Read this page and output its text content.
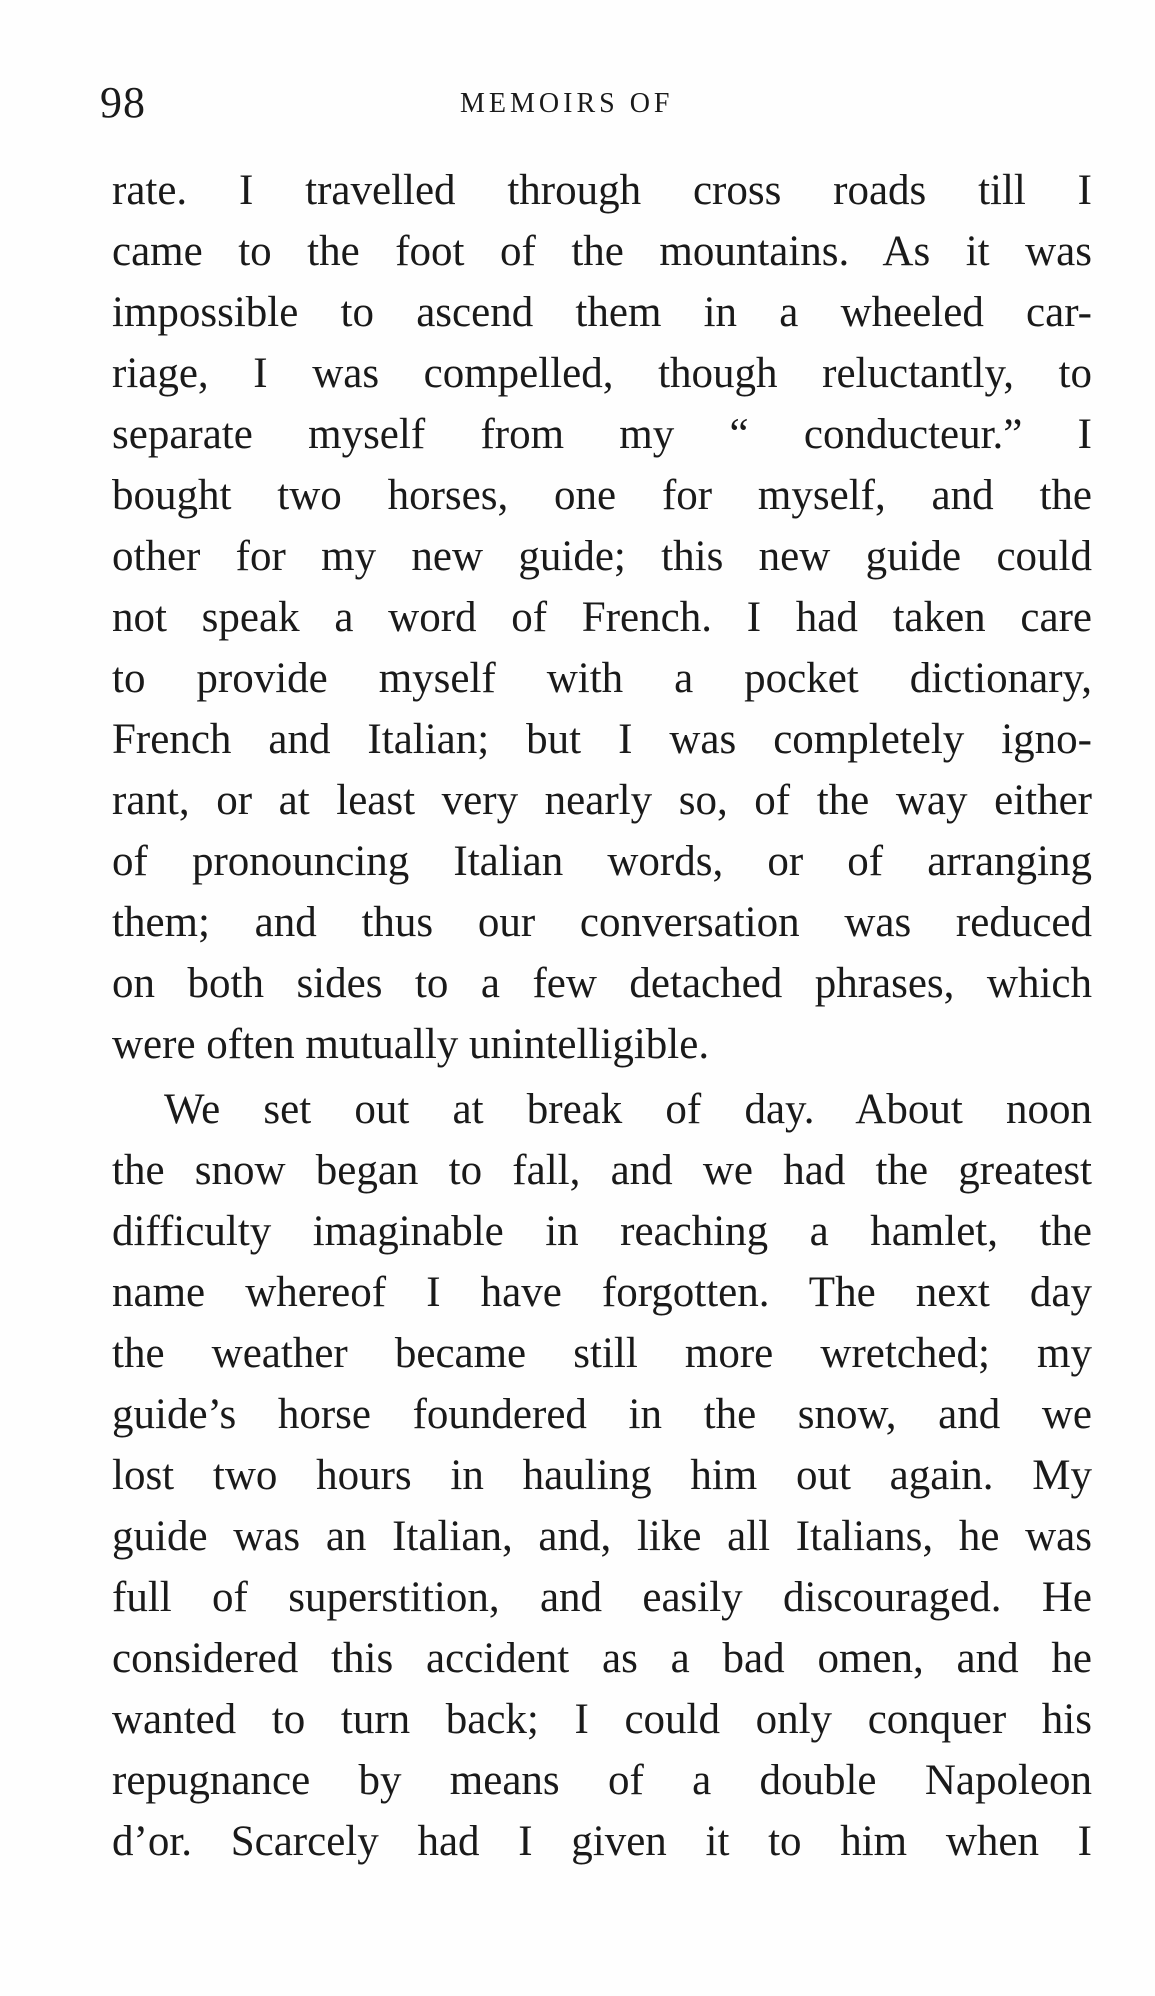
98	MEMOIRS OF
rate. I travelled through cross roads till I
came to the foot of the mountains. As it was
impossible to ascend them in a wheeled car-
riage, I was compelled, though reluctantly, to
separate myself from my “ conducteur.” I
bought two horses, one for myself, and the
other for my new guide; this new guide could
not speak a word of French. I had taken care
to provide myself with a pocket dictionary,
French and Italian; but I was completely igno-
rant, or at least very nearly so, of the way either
of pronouncing Italian words, or of arranging
them; and thus our conversation was reduced
on both sides to a few detached phrases, which
were often mutually unintelligible.
We set out at break of day. About noon
the snow began to fall, and we had the greatest
difficulty imaginable in reaching a hamlet, the
name whereof I have forgotten. The next day
the weather became still more wretched; my
guide’s horse foundered in the snow, and we
lost two hours in hauling him out again. My
guide was an Italian, and, like all Italians, he was
full of superstition, and easily discouraged. He
considered this accident as a bad omen, and he
wanted to turn back; I could only conquer his
repugnance by means of a double Napoleon
d’or. Scarcely had I given it to him when I
